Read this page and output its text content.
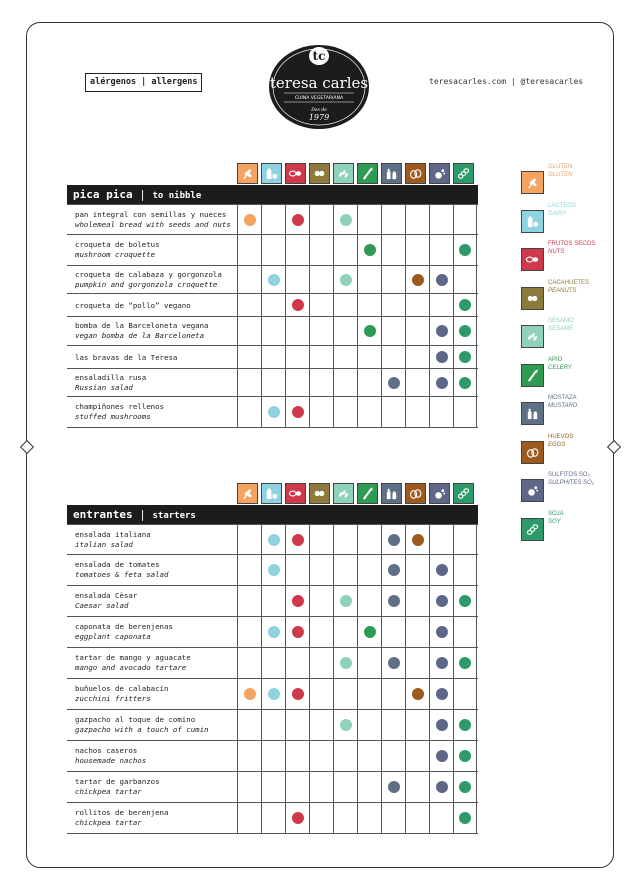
alérgenos | allergens
tc
teresa carles
CUINA VEGETARIANA
Des de
1979
teresacarles.com | @teresacarles
pica pica | to nibble
pan integral con semillas y nueces
wholemeal bread with seeds and nuts
croqueta de boletus
mushroom croquette
croqueta de calabaza y gorgonzola
pumpkin and gorgonzola croquette
croqueta de “pollo” vegano
bomba de la Barceloneta vegana
vegan bomba de la Barceloneta
las bravas de la Teresa
ensaladilla rusa
Russian salad
champiñones rellenos
stuffed mushrooms
entrantes | starters
ensalada italiana
italian salad
ensalada de tomates
tomatoes & feta salad
ensalada Cèsar
Caesar salad
caponata de berenjenas
eggplant caponata
tartar de mango y aguacate
mango and avocado tartare
buñuelos de calabacín
zucchini fritters
gazpacho al toque de comino
gazpacho with a touch of cumin
nachos caseros
housemade nachos
tartar de garbanzos
chickpea tartar
rollitos de berenjena
chickpea tartar
GLUTEN
GLUTEN
LACTEOS
DAIRY
FRUTOS SECOS
NUTS
CACAHUETES
PEANUTS
SÉSAMO
SESAME
APIO
CELERY
MOSTAZA
MUSTARD
HUEVOS
EGGS
SULFITOS SO₂
SULPHITES SO₂
SOJA
SOY
